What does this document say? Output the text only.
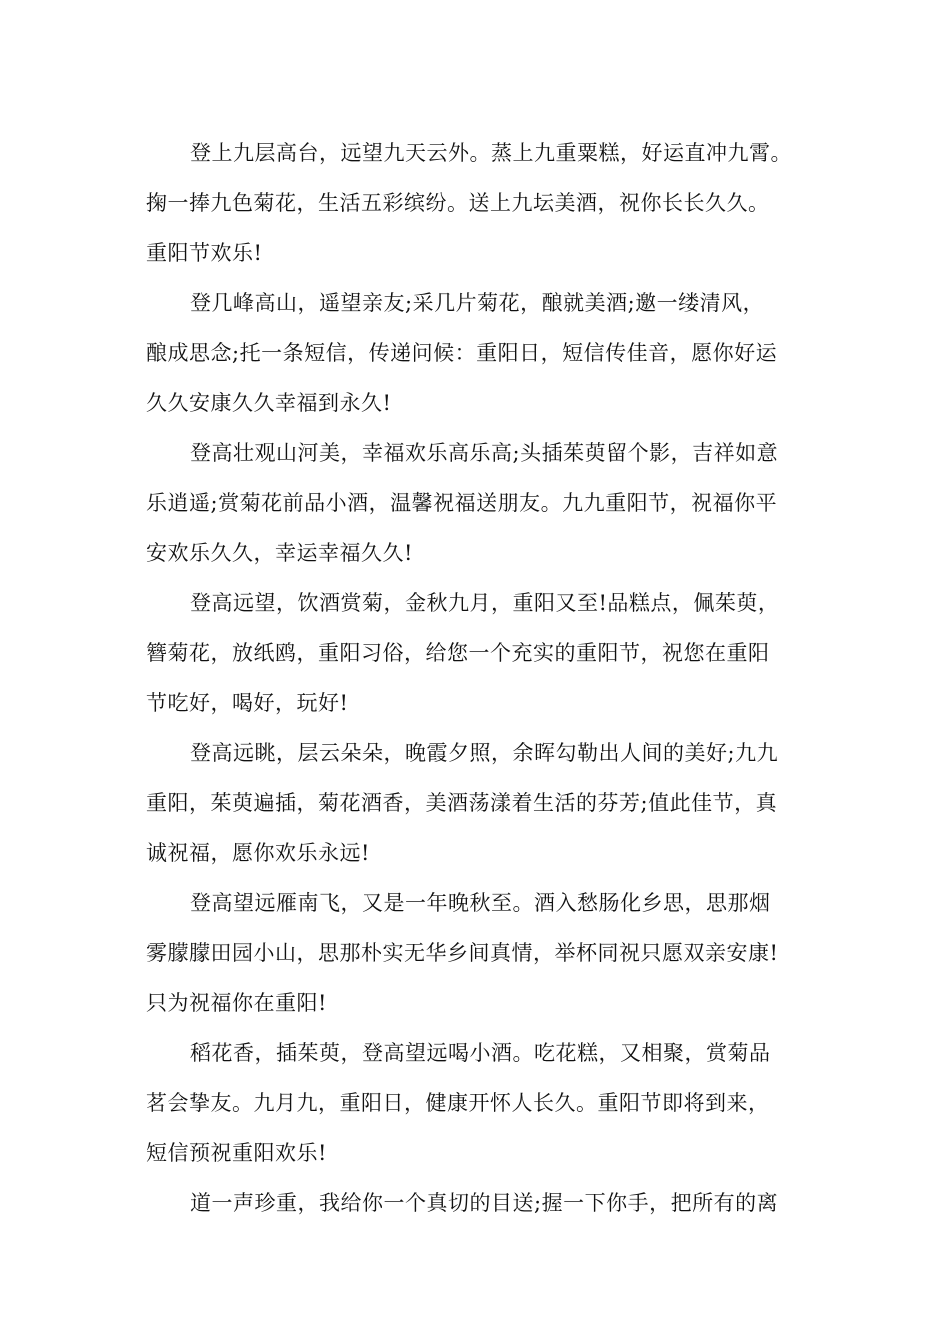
登上九层高台，远望九天云外。蒸上九重粟糕，好运直冲九霄。
掬一捧九色菊花，生活五彩缤纷。送上九坛美酒，祝你长长久久。
重阳节欢乐!
登几峰高山，遥望亲友;采几片菊花，酿就美酒;邀一缕清风，
酿成思念;托一条短信，传递问候：重阳日，短信传佳音，愿你好运
久久安康久久幸福到永久!
登高壮观山河美，幸福欢乐高乐高;头插茱萸留个影，吉祥如意
乐逍遥;赏菊花前品小酒，温馨祝福送朋友。九九重阳节，祝福你平
安欢乐久久，幸运幸福久久!
登高远望，饮酒赏菊，金秋九月，重阳又至!品糕点，佩茱萸，
簪菊花，放纸鸥，重阳习俗，给您一个充实的重阳节，祝您在重阳
节吃好，喝好，玩好!
登高远眺，层云朵朵，晚霞夕照，余晖勾勒出人间的美好;九九
重阳，茱萸遍插，菊花酒香，美酒荡漾着生活的芬芳;值此佳节，真
诚祝福，愿你欢乐永远!
登高望远雁南飞，又是一年晚秋至。酒入愁肠化乡思，思那烟
雾朦朦田园小山，思那朴实无华乡间真情，举杯同祝只愿双亲安康!
只为祝福你在重阳!
稻花香，插茱萸，登高望远喝小酒。吃花糕，又相聚，赏菊品
茗会挚友。九月九，重阳日，健康开怀人长久。重阳节即将到来，
短信预祝重阳欢乐!
道一声珍重，我给你一个真切的目送;握一下你手，把所有的离
